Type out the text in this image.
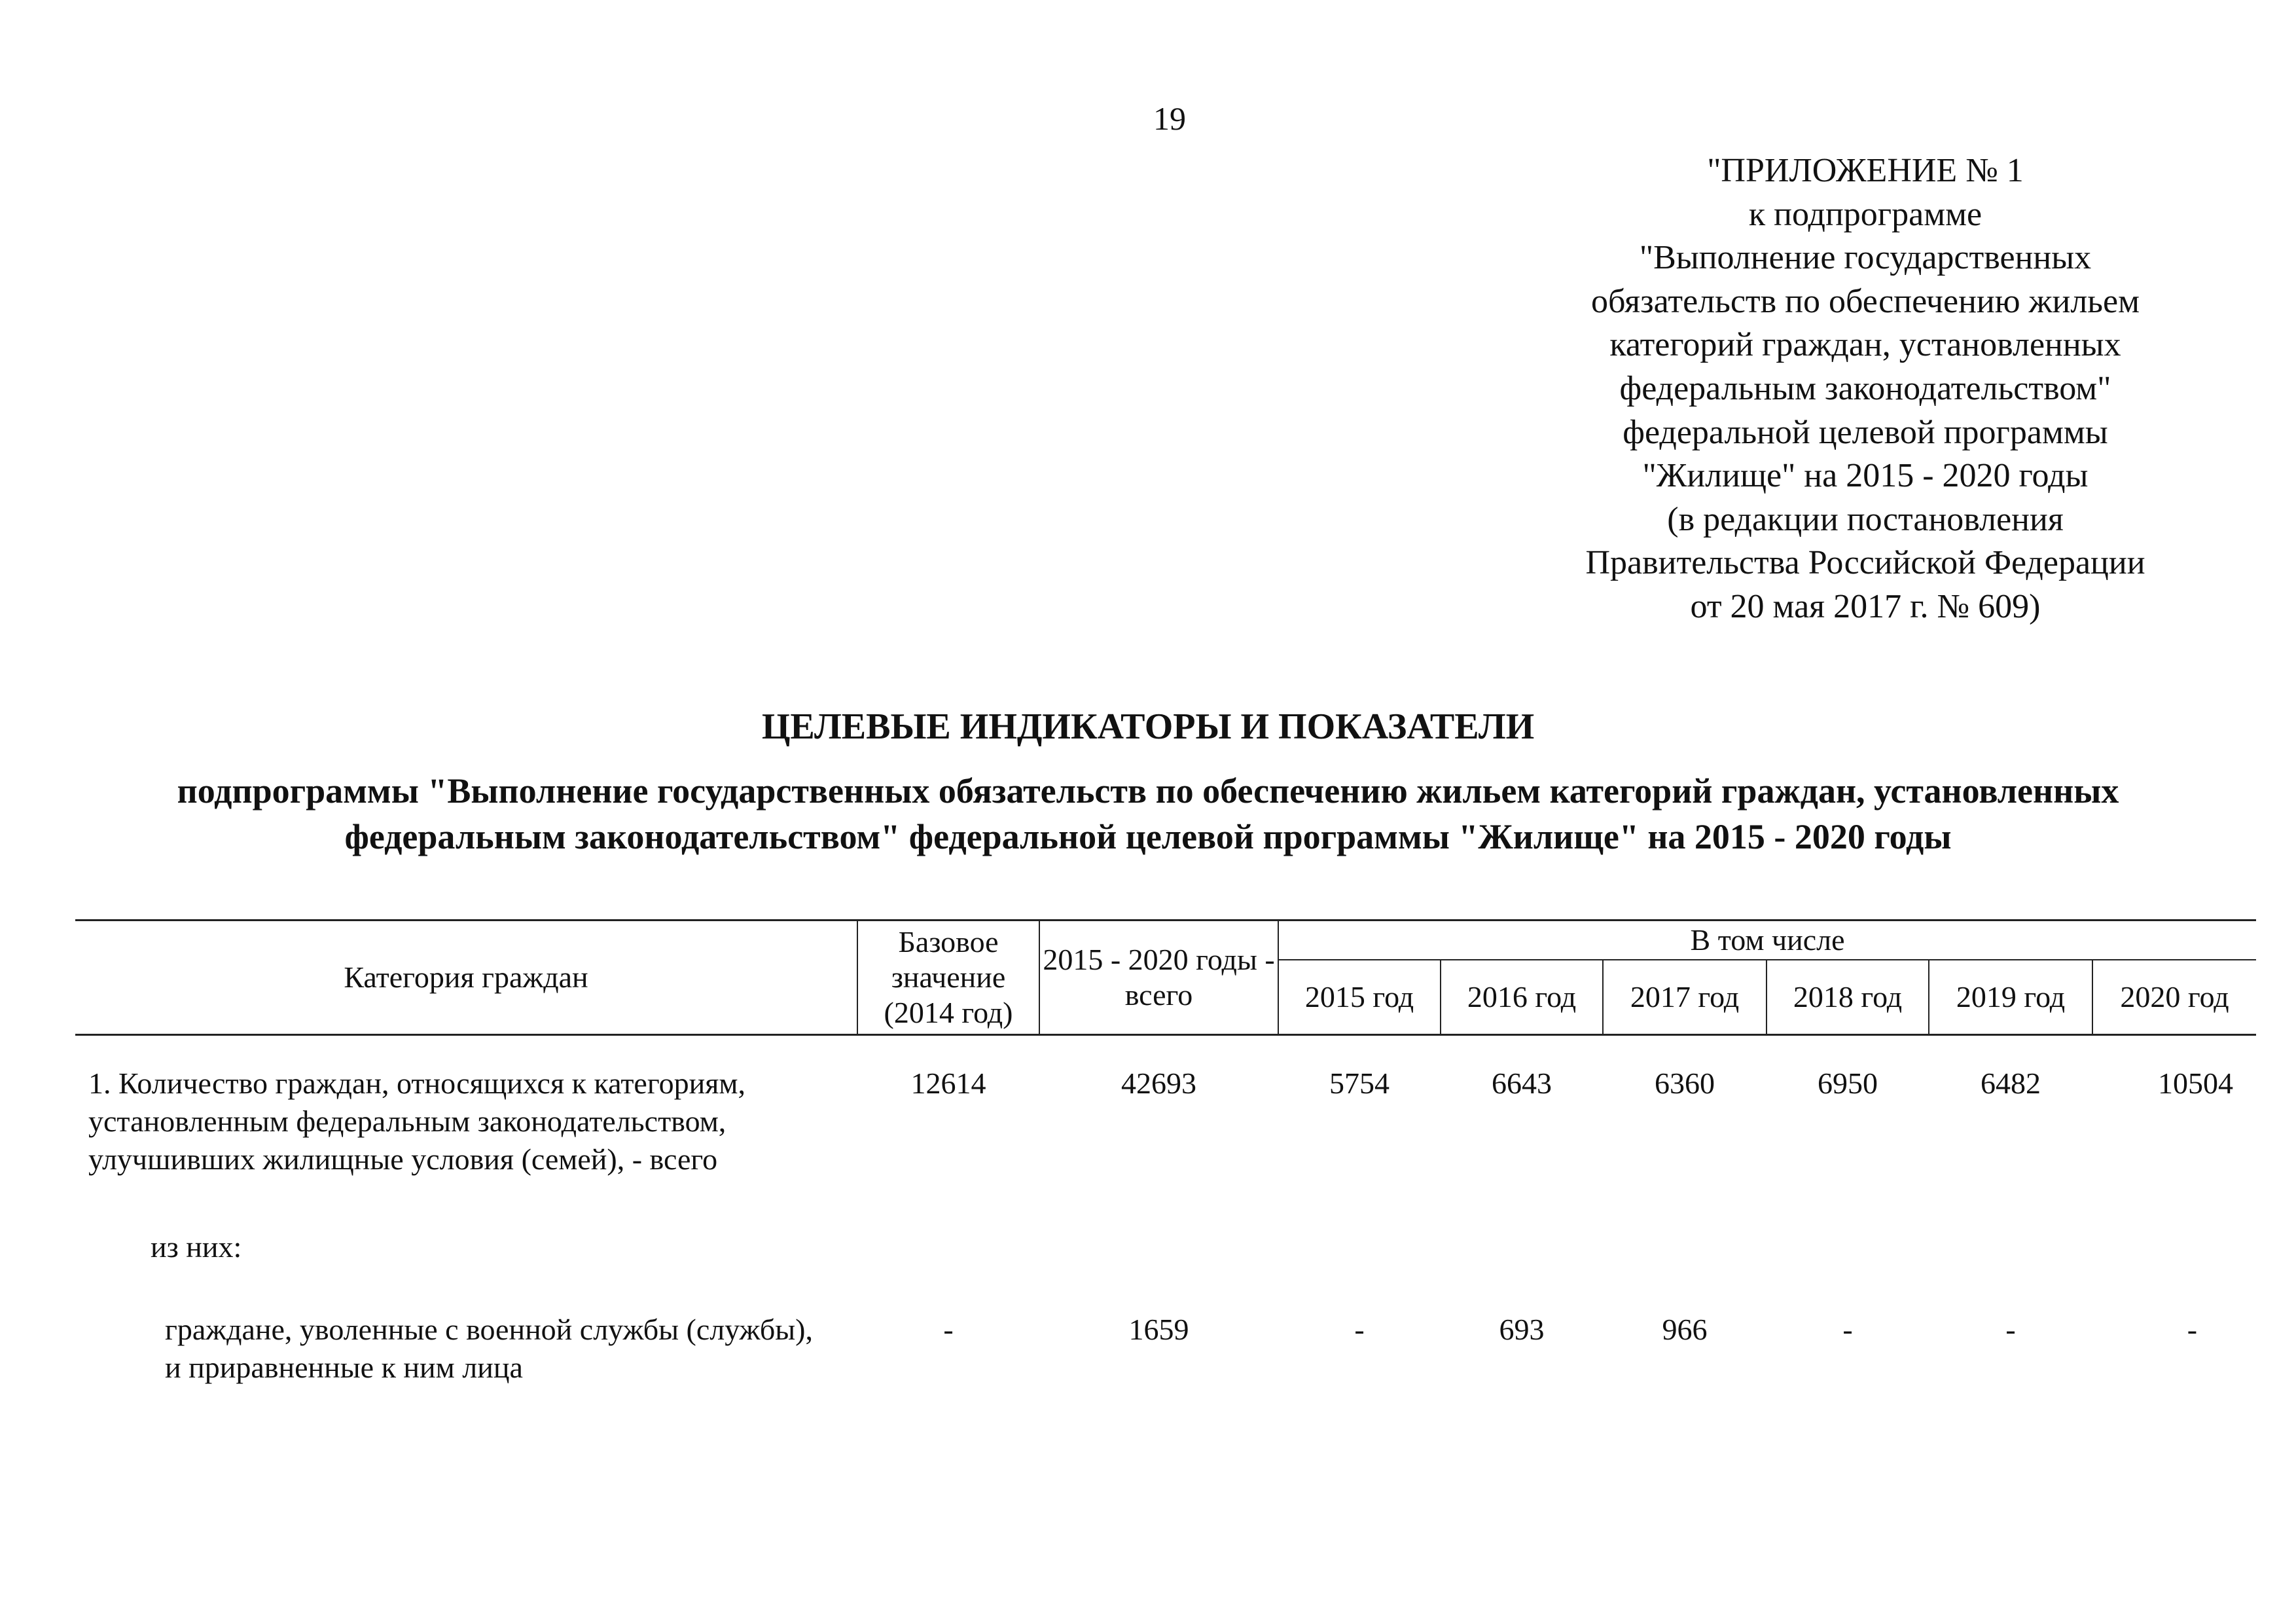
19
"ПРИЛОЖЕНИЕ № 1
к подпрограмме
"Выполнение государственных
обязательств по обеспечению жильем
категорий граждан, установленных
федеральным законодательством"
федеральной целевой программы
"Жилище" на 2015 - 2020 годы
(в редакции постановления
Правительства Российской Федерации
от 20 мая 2017 г. № 609)
ЦЕЛЕВЫЕ ИНДИКАТОРЫ И ПОКАЗАТЕЛИ
подпрограммы "Выполнение государственных обязательств по обеспечению жильем категорий граждан, установленных
федеральным законодательством" федеральной целевой программы "Жилище" на 2015 - 2020 годы
Категория граждан	Базовое значение (2014 год)	2015 - 2020 годы - всего	В том числе					
			2015 год	2016 год	2017 год	2018 год	2019 год	2020 год
1. Количество граждан, относящихся к категориям, установленным федеральным законодательством, улучшивших жилищные условия (семей), - всего	12614	42693	5754	6643	6360	6950	6482	10504
из них:								
граждане, уволенные с военной службы (службы), и приравненные к ним лица	-	1659	-	693	966	-	-	-
